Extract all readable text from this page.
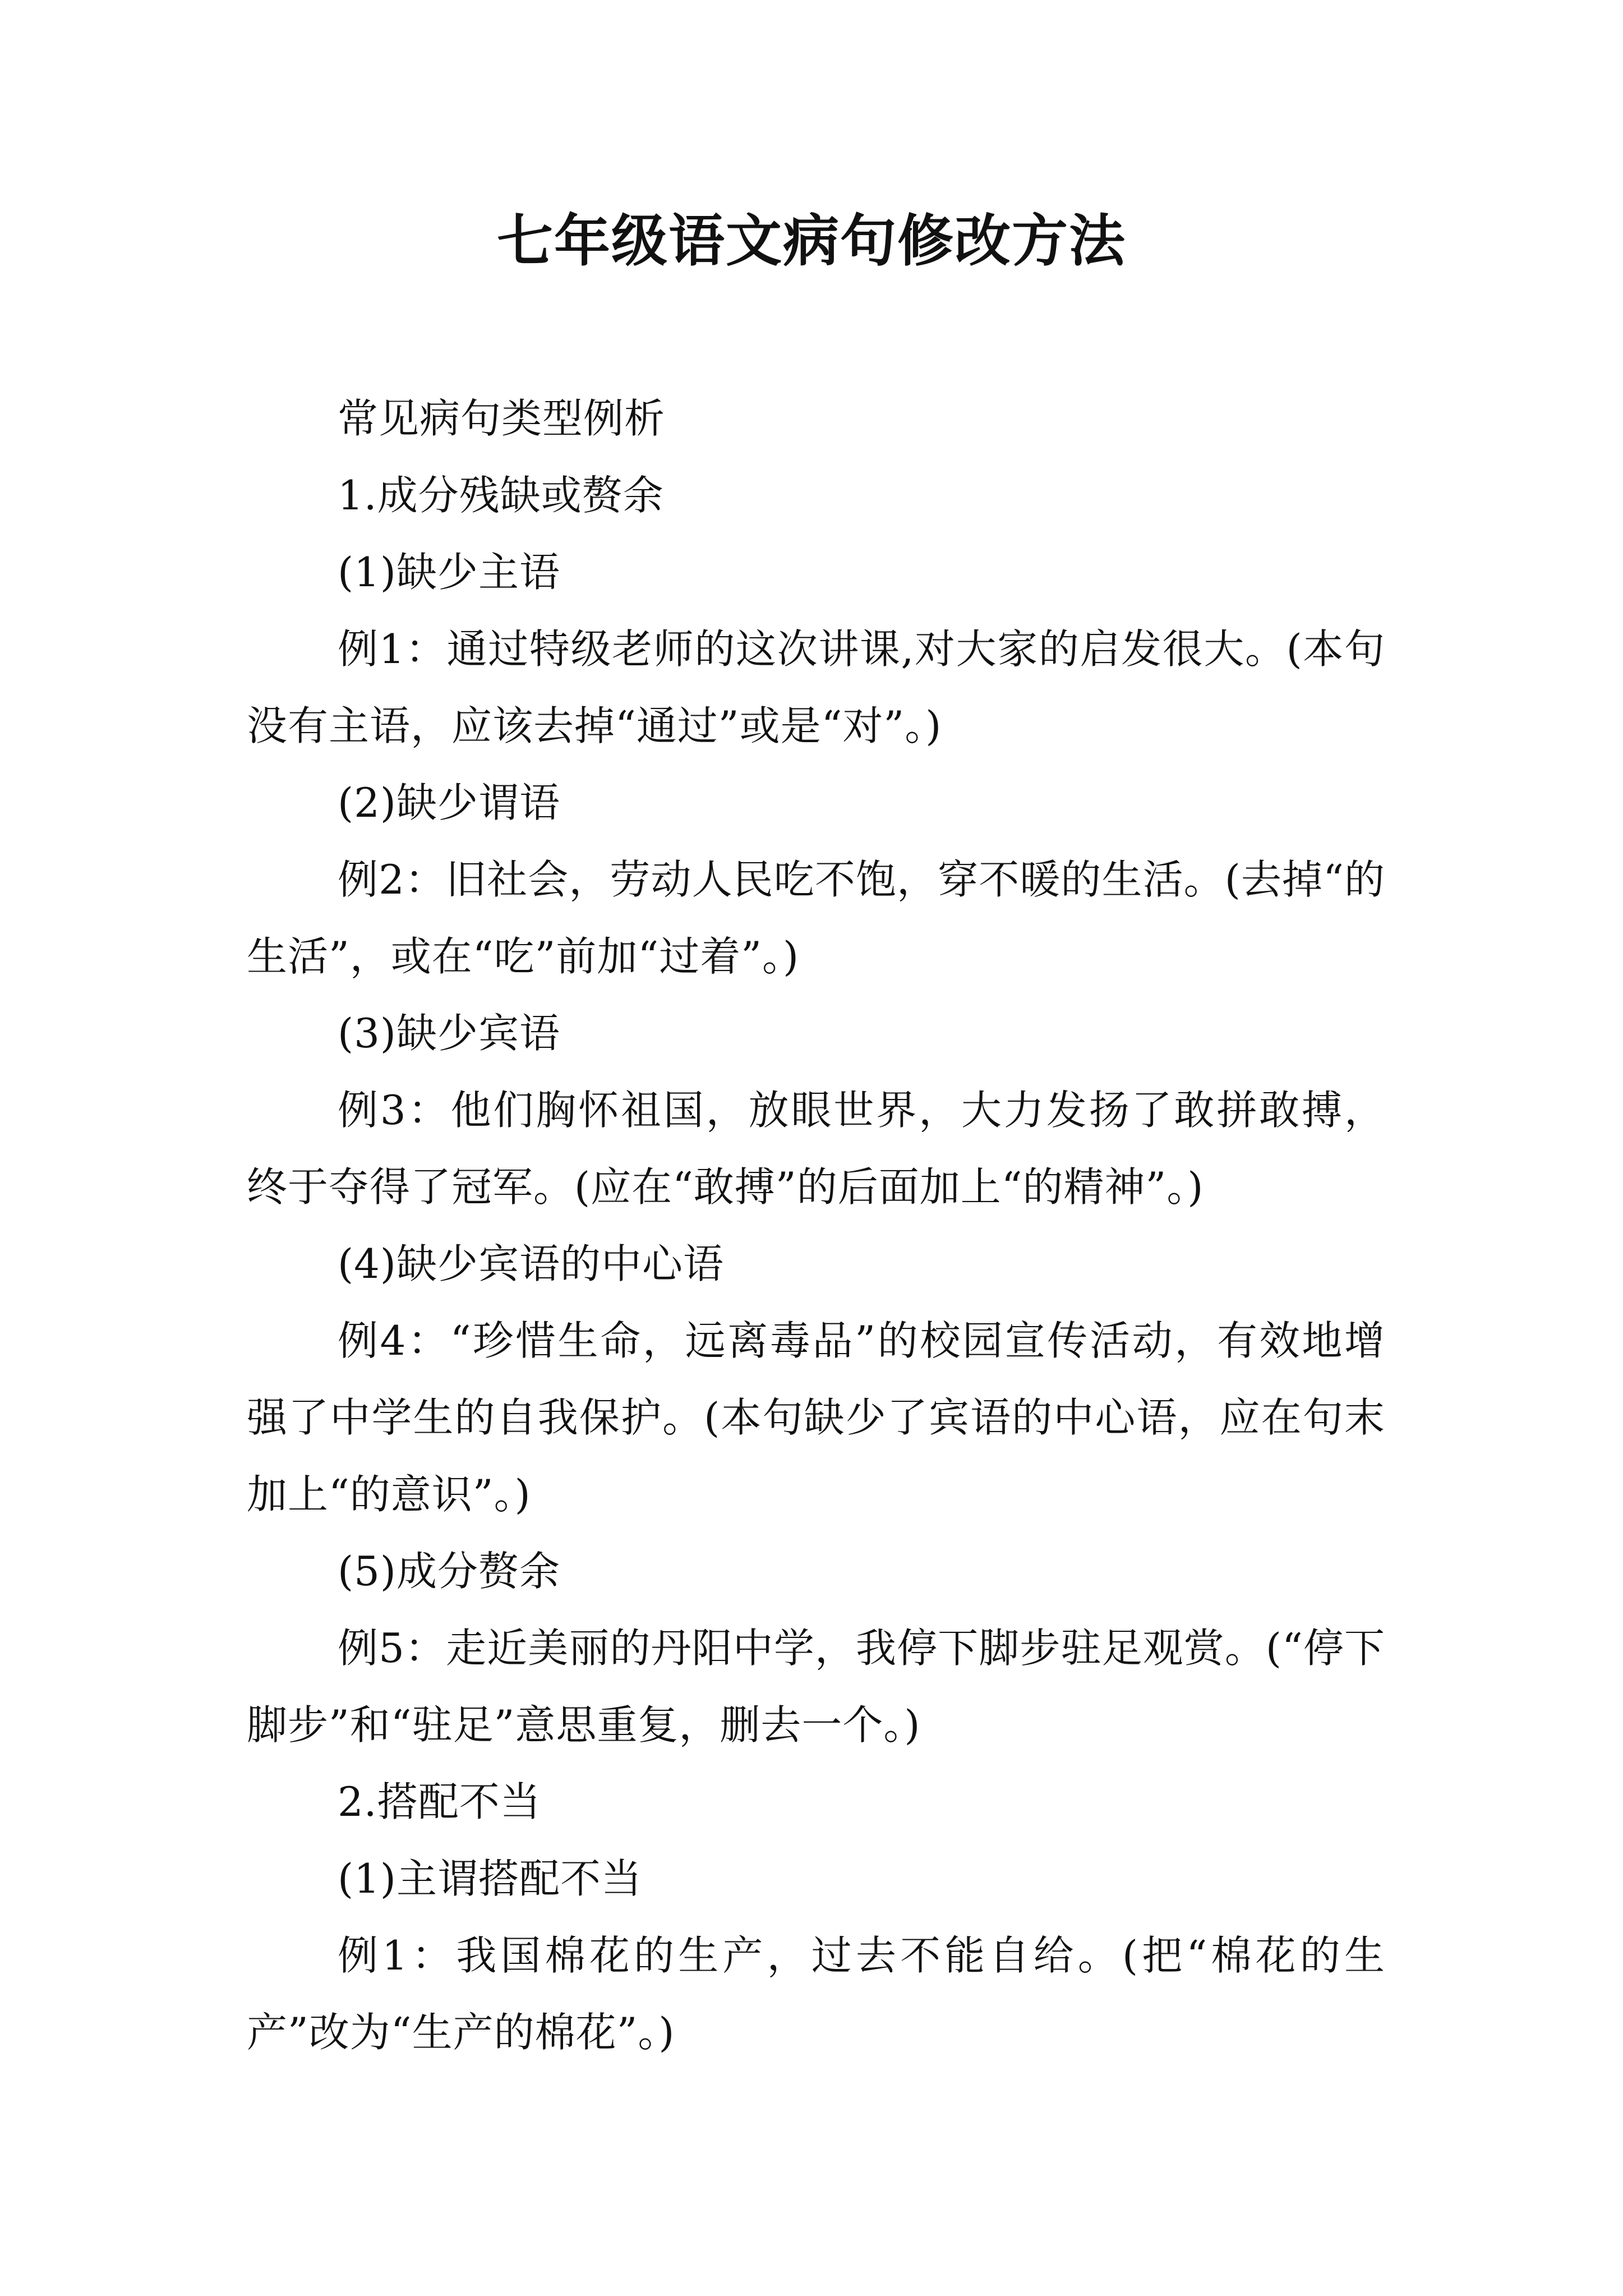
七年级语文病句修改方法

常见病句类型例析

1.成分残缺或赘余

(1)缺少主语

例1：通过特级老师的这次讲课,对大家的启发很大。(本句没有主语，应该去掉“通过”或是“对”。)

(2)缺少谓语

例2：旧社会，劳动人民吃不饱，穿不暖的生活。(去掉“的生活”，或在“吃”前加“过着”。)

(3)缺少宾语

例3：他们胸怀祖国，放眼世界，大力发扬了敢拼敢搏，终于夺得了冠军。(应在“敢搏”的后面加上“的精神”。)

(4)缺少宾语的中心语

例4：“珍惜生命，远离毒品”的校园宣传活动，有效地增强了中学生的自我保护。(本句缺少了宾语的中心语，应在句末加上“的意识”。)

(5)成分赘余

例5：走近美丽的丹阳中学，我停下脚步驻足观赏。(“停下脚步”和“驻足”意思重复，删去一个。)

2.搭配不当

(1)主谓搭配不当

例1：我国棉花的生产，过去不能自给。(把“棉花的生产”改为“生产的棉花”。)
